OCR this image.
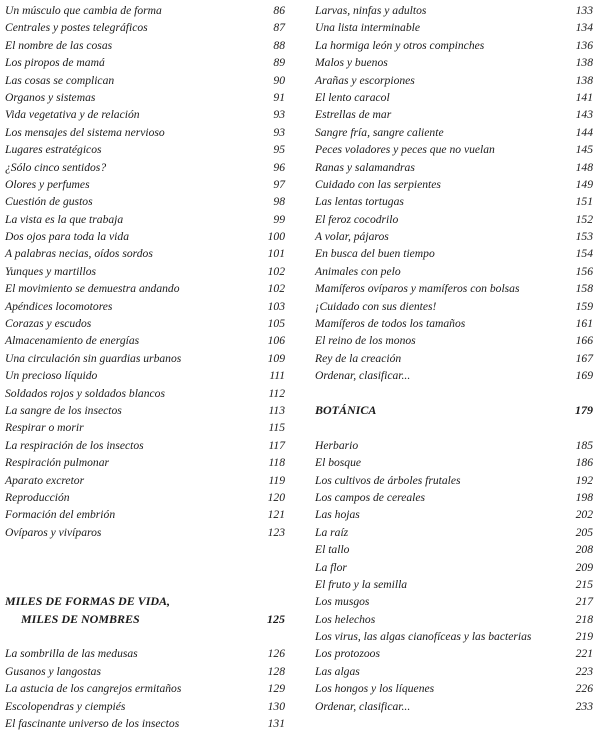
Un músculo que cambia de forma	86
Centrales y postes telegráficos	87
El nombre de las cosas	88
Los piropos de mamá	89
Las cosas se complican	90
Organos y sistemas	91
Vida vegetativa y de relación	93
Los mensajes del sistema nervioso	93
Lugares estratégicos	95
¿Sólo cinco sentidos?	96
Olores y perfumes	97
Cuestión de gustos	98
La vista es la que trabaja	99
Dos ojos para toda la vida	100
A palabras necias, oídos sordos	101
Yunques y martillos	102
El movimiento se demuestra andando	102
Apéndices locomotores	103
Corazas y escudos	105
Almacenamiento de energías	106
Una circulación sin guardias urbanos	109
Un precioso líquido	111
Soldados rojos y soldados blancos	112
La sangre de los insectos	113
Respirar o morir	115
La respiración de los insectos	117
Respiración pulmonar	118
Aparato excretor	119
Reproducción	120
Formación del embrión	121
Ovíparos y vivíparos	123
MILES DE FORMAS DE VIDA,
MILES DE NOMBRES	125
La sombrilla de las medusas	126
Gusanos y langostas	128
La astucia de los cangrejos ermitaños	129
Escolopendras y ciempiés	130
El fascinante universo de los insectos	131
Larvas, ninfas y adultos	133
Una lista interminable	134
La hormiga león y otros compinches	136
Malos y buenos	138
Arañas y escorpiones	138
El lento caracol	141
Estrellas de mar	143
Sangre fría, sangre caliente	144
Peces voladores y peces que no vuelan	145
Ranas y salamandras	148
Cuidado con las serpientes	149
Las lentas tortugas	151
El feroz cocodrilo	152
A volar, pájaros	153
En busca del buen tiempo	154
Animales con pelo	156
Mamíferos ovíparos y mamíferos con bolsas	158
¡Cuidado con sus dientes!	159
Mamíferos de todos los tamaños	161
El reino de los monos	166
Rey de la creación	167
Ordenar, clasificar...	169
BOTÁNICA	179
Herbario	185
El bosque	186
Los cultivos de árboles frutales	192
Los campos de cereales	198
Las hojas	202
La raíz	205
El tallo	208
La flor	209
El fruto y la semilla	215
Los musgos	217
Los helechos	218
Los virus, las algas cianofíceas y las bacterias	219
Los protozoos	221
Las algas	223
Los hongos y los líquenes	226
Ordenar, clasificar...	233
